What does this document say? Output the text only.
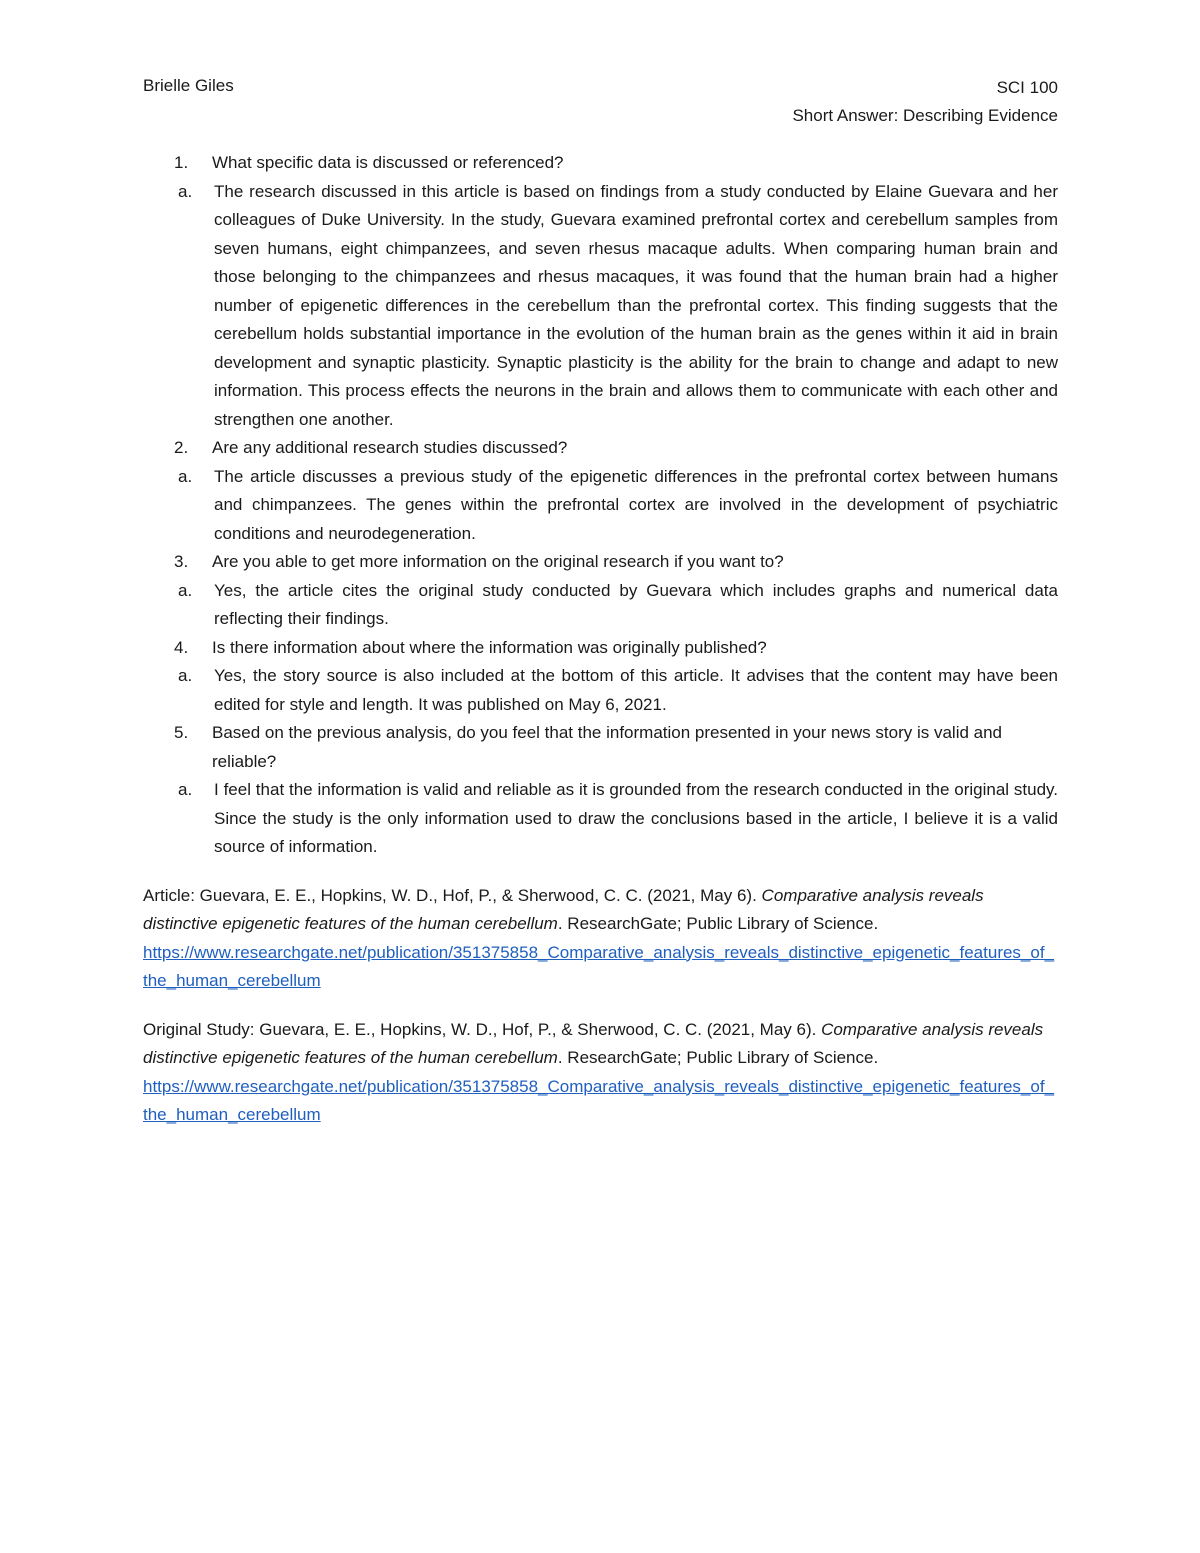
Brielle Giles	SCI 100
Short Answer: Describing Evidence
1. What specific data is discussed or referenced?
a. The research discussed in this article is based on findings from a study conducted by Elaine Guevara and her colleagues of Duke University. In the study, Guevara examined prefrontal cortex and cerebellum samples from seven humans, eight chimpanzees, and seven rhesus macaque adults. When comparing human brain and those belonging to the chimpanzees and rhesus macaques, it was found that the human brain had a higher number of epigenetic differences in the cerebellum than the prefrontal cortex. This finding suggests that the cerebellum holds substantial importance in the evolution of the human brain as the genes within it aid in brain development and synaptic plasticity. Synaptic plasticity is the ability for the brain to change and adapt to new information. This process effects the neurons in the brain and allows them to communicate with each other and strengthen one another.
2. Are any additional research studies discussed?
a. The article discusses a previous study of the epigenetic differences in the prefrontal cortex between humans and chimpanzees. The genes within the prefrontal cortex are involved in the development of psychiatric conditions and neurodegeneration.
3. Are you able to get more information on the original research if you want to?
a. Yes, the article cites the original study conducted by Guevara which includes graphs and numerical data reflecting their findings.
4. Is there information about where the information was originally published?
a. Yes, the story source is also included at the bottom of this article. It advises that the content may have been edited for style and length. It was published on May 6, 2021.
5. Based on the previous analysis, do you feel that the information presented in your news story is valid and reliable?
a. I feel that the information is valid and reliable as it is grounded from the research conducted in the original study. Since the study is the only information used to draw the conclusions based in the article, I believe it is a valid source of information.
Article: Guevara, E. E., Hopkins, W. D., Hof, P., & Sherwood, C. C. (2021, May 6). Comparative analysis reveals distinctive epigenetic features of the human cerebellum. ResearchGate; Public Library of Science.
https://www.researchgate.net/publication/351375858_Comparative_analysis_reveals_distinctive_epigenetic_features_of_the_human_cerebellum
Original Study: Guevara, E. E., Hopkins, W. D., Hof, P., & Sherwood, C. C. (2021, May 6). Comparative analysis reveals distinctive epigenetic features of the human cerebellum. ResearchGate; Public Library of Science.
https://www.researchgate.net/publication/351375858_Comparative_analysis_reveals_distinctive_epigenetic_features_of_the_human_cerebellum
